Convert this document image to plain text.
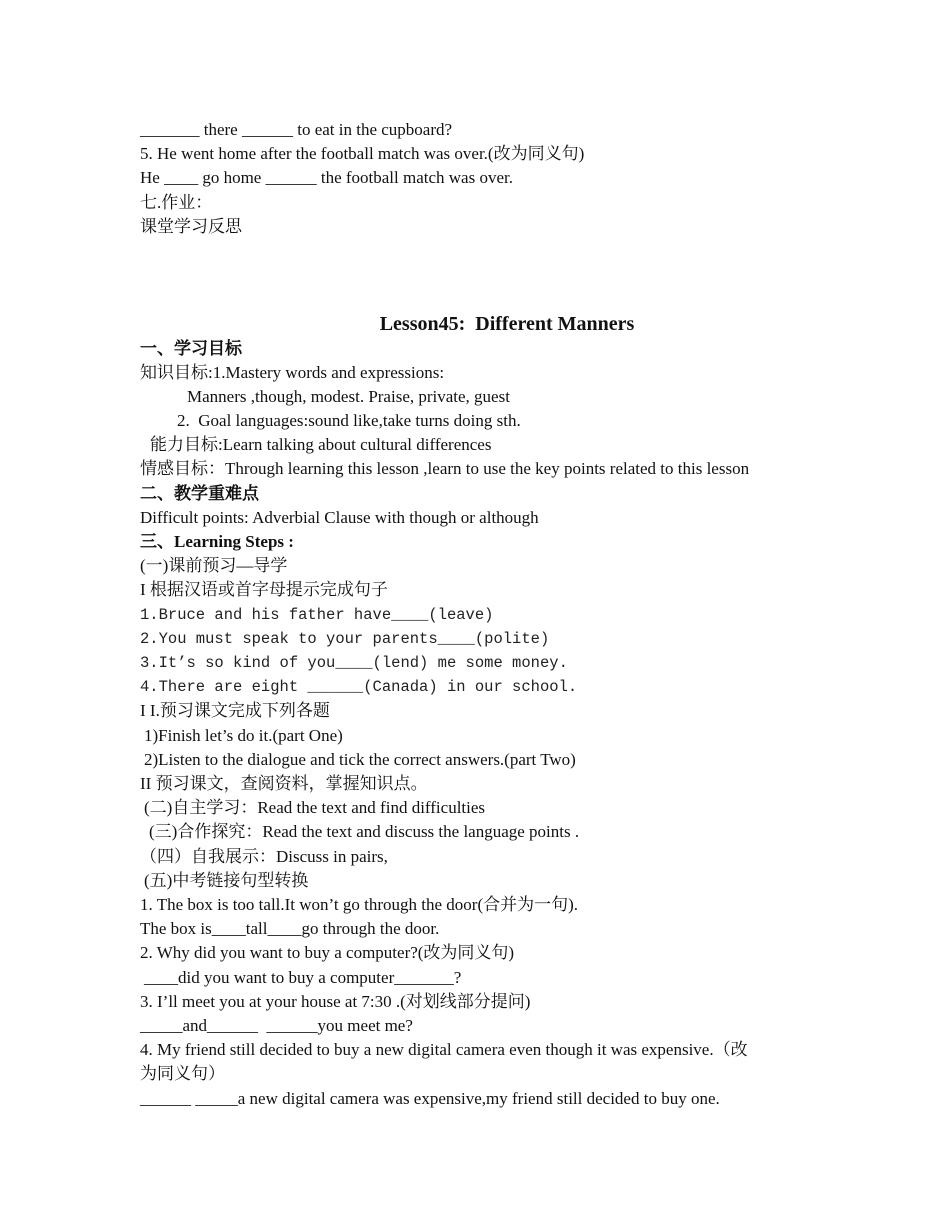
_______ there ______ to eat in the cupboard?
5. He went home after the football match was over.(改为同义句)
He ____ go home ______ the football match was over.
七.作业：
课堂学习反思
Lesson45:  Different Manners
一、学习目标
知识目标:1.Mastery words and expressions:
Manners ,though, modest. Praise, private, guest
2.  Goal languages:sound like,take turns doing sth.
能力目标:Learn talking about cultural differences
情感目标：Through learning this lesson ,learn to use the key points related to this lesson
二、教学重难点
Difficult points: Adverbial Clause with though or although
三、Learning Steps :
(一)课前预习—导学
I 根据汉语或首字母提示完成句子
1.Bruce and his father have____(leave)
2.You must speak to your parents____(polite)
3.It’s so kind of you____(lend) me some money.
4.There are eight ______(Canada) in our school.
I I.预习课文完成下列各题
1)Finish let’s do it.(part One)
2)Listen to the dialogue and tick the correct answers.(part Two)
II 预习课文，查阅资料，掌握知识点。
(二)自主学习：Read the text and find difficulties
(三)合作探究：Read the text and discuss the language points .
（四）自我展示：Discuss in pairs,
(五)中考链接句型转换
1. The box is too tall.It won’t go through the door(合并为一句).
The box is____tall____go through the door.
2. Why did you want to buy a computer?(改为同义句)
____did you want to buy a computer_______?
3. I’ll meet you at your house at 7:30 .(对划线部分提问)
_____and______  ______you meet me?
4. My friend still decided to buy a new digital camera even though it was expensive.（改
为同义句）
______ _____a new digital camera was expensive,my friend still decided to buy one.
